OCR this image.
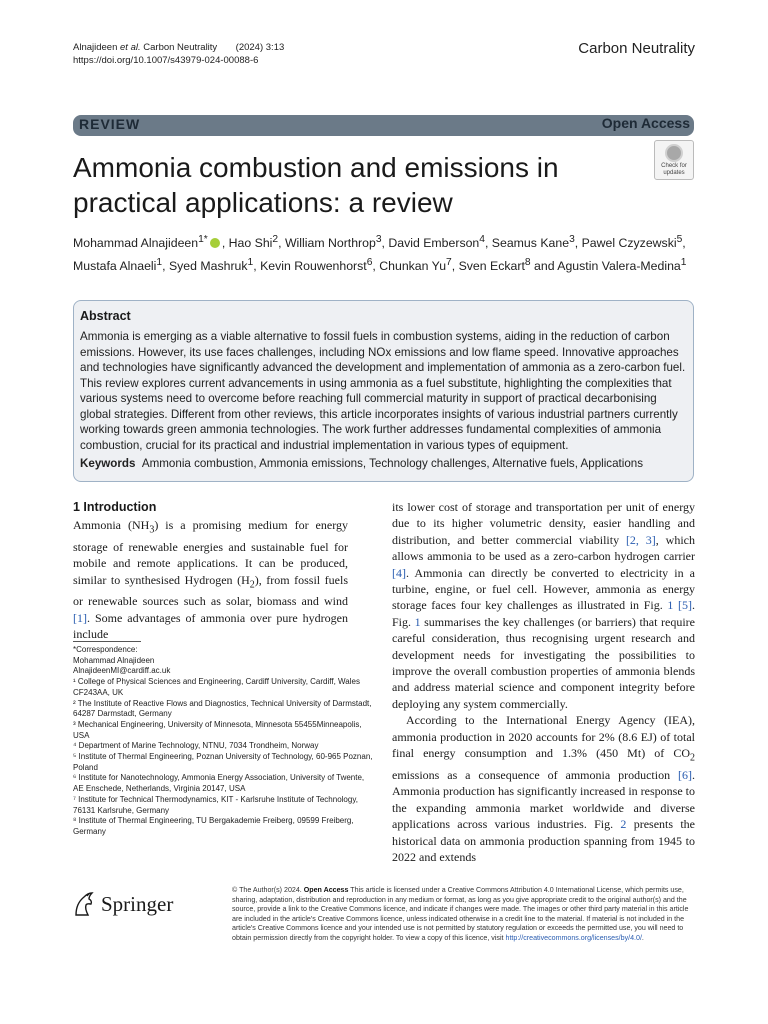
Alnajideen et al. Carbon Neutrality (2024) 3:13
https://doi.org/10.1007/s43979-024-00088-6
Carbon Neutrality
REVIEW	Open Access
Ammonia combustion and emissions in practical applications: a review
Check for updates
Mohammad Alnajideen$^{1*}$ , Hao Shi$^2$, William Northrop$^3$, David Emberson$^4$, Seamus Kane$^3$, Pawel Czyzewski$^5$,
Mustafa Alnaeli$^1$, Syed Mashruk$^1$, Kevin Rouwenhorst$^6$, Chunkan Yu$^7$, Sven Eckart$^8$ and Agustin Valera-Medina$^1$
Abstract
Ammonia is emerging as a viable alternative to fossil fuels in combustion systems, aiding in the reduction of carbon emissions. However, its use faces challenges, including NOx emissions and low flame speed. Innovative approaches and technologies have significantly advanced the development and implementation of ammonia as a zero-carbon fuel. This review explores current advancements in using ammonia as a fuel substitute, highlighting the complexities that various systems need to overcome before reaching full commercial maturity in support of practical decarbonising global strategies. Different from other reviews, this article incorporates insights of various industrial partners currently working towards green ammonia technologies. The work further addresses fundamental complexities of ammonia combustion, crucial for its practical and industrial implementation in various types of equipment.
Keywords Ammonia combustion, Ammonia emissions, Technology challenges, Alternative fuels, Applications
1 Introduction
Ammonia $(NH_3)$ is a promising medium for energy storage of renewable energies and sustainable fuel for mobile and remote applications. It can be produced, similar to synthesised Hydrogen $(H_2)$, from fossil fuels or renewable sources such as solar, biomass and wind [1]. Some advantages of ammonia over pure hydrogen include

its lower cost of storage and transportation per unit of energy due to its higher volumetric density, easier handling and distribution, and better commercial viability [2, 3], which allows ammonia to be used as a zero-carbon hydrogen carrier [4]. Ammonia can directly be converted to electricity in a turbine, engine, or fuel cell. However, ammonia as energy storage faces four key challenges as illustrated in Fig. 1 [5]. Fig. 1 summarises the key challenges (or barriers) that require careful consideration, thus recognising urgent research and development needs for investigating the possibilities to improve the overall combustion properties of ammonia blends and address material science and component integrity before deploying any system commercially.

According to the International Energy Agency (IEA), ammonia production in 2020 accounts for 2% (8.6 EJ) of total final energy consumption and 1.3% (450 Mt) of $CO_2$ emissions as a consequence of ammonia production [6]. Ammonia production has significantly increased in response to the expanding ammonia market worldwide and diverse applications across various industries. Fig. 2 presents the historical data on ammonia production spanning from 1945 to 2022 and extends

*Correspondence:
Mohammad Alnajideen
AlnajideenMI@cardiff.ac.uk
¹ College of Physical Sciences and Engineering, Cardiff University, Cardiff, Wales CF243AA, UK
² The Institute of Reactive Flows and Diagnostics, Technical University of Darmstadt, 64287 Darmstadt, Germany
³ Mechanical Engineering, University of Minnesota, Minnesota 55455Minneapolis, USA
⁴ Department of Marine Technology, NTNU, 7034 Trondheim, Norway
⁵ Institute of Thermal Engineering, Poznan University of Technology, 60-965 Poznan, Poland
⁶ Institute for Nanotechnology, Ammonia Energy Association, University of Twente, AE Enschede, Netherlands, Virginia 20147, USA
⁷ Institute for Technical Thermodynamics, KIT - Karlsruhe Institute of Technology, 76131 Karlsruhe, Germany
⁸ Institute of Thermal Engineering, TU Bergakademie Freiberg, 09599 Freiberg, Germany
Springer
© The Author(s) 2024. Open Access This article is licensed under a Creative Commons Attribution 4.0 International License, which permits use, sharing, adaptation, distribution and reproduction in any medium or format, as long as you give appropriate credit to the original author(s) and the source, provide a link to the Creative Commons licence, and indicate if changes were made. The images or other third party material in this article are included in the article's Creative Commons licence, unless indicated otherwise in a credit line to the material. If material is not included in the article's Creative Commons licence and your intended use is not permitted by statutory regulation or exceeds the permitted use, you will need to obtain permission directly from the copyright holder. To view a copy of this licence, visit http://creativecommons.org/licenses/by/4.0/.
